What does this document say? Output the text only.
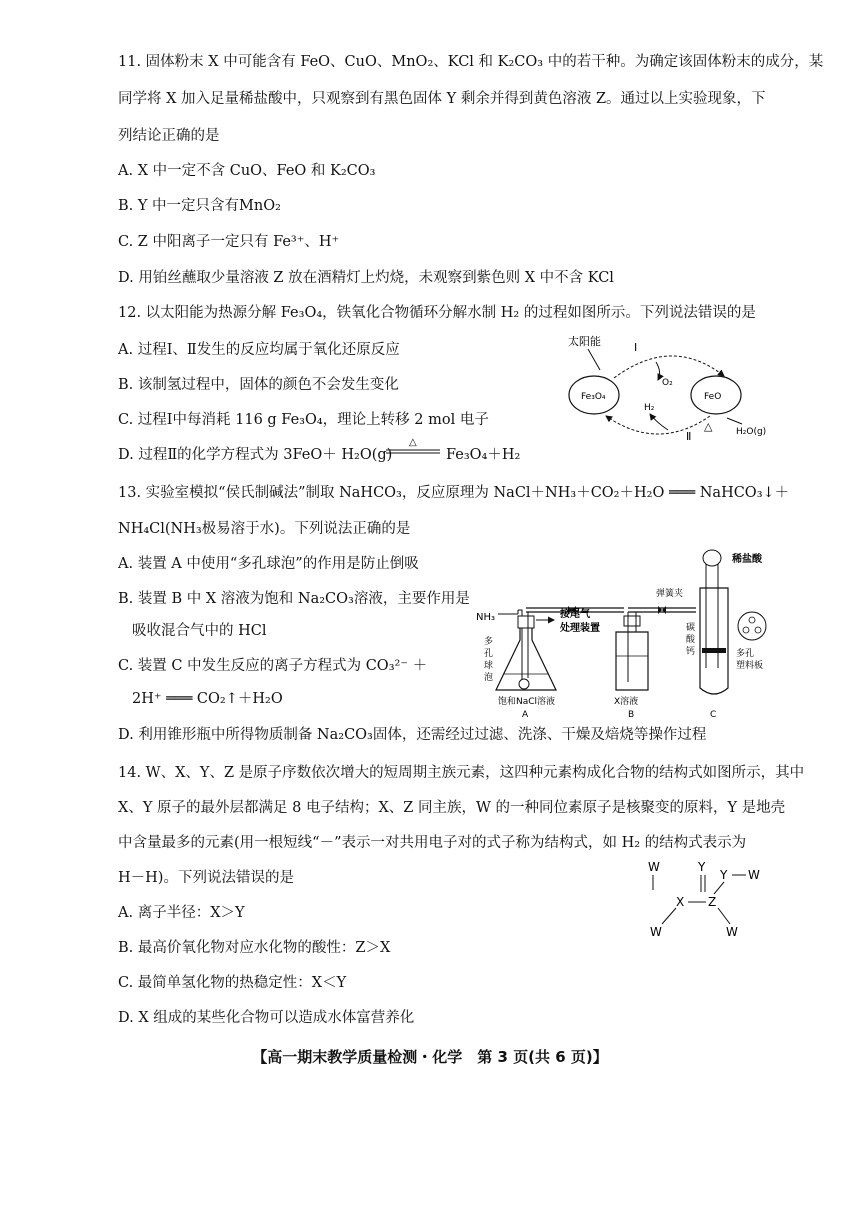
11. 固体粉末 X 中可能含有 FeO、CuO、MnO₂、KCl 和 K₂CO₃ 中的若干种。为确定该固体粉末的成分，某
同学将 X 加入足量稀盐酸中，只观察到有黑色固体 Y 剩余并得到黄色溶液 Z。通过以上实验现象，下
列结论正确的是
A. X 中一定不含 CuO、FeO 和 K₂CO₃
B. Y 中一定只含有MnO₂
C. Z 中阳离子一定只有 Fe³⁺、H⁺
D. 用铂丝蘸取少量溶液 Z 放在酒精灯上灼烧，未观察到紫色则 X 中不含 KCl
12. 以太阳能为热源分解 Fe₃O₄，铁氧化合物循环分解水制 H₂ 的过程如图所示。下列说法错误的是
A. 过程Ⅰ、Ⅱ发生的反应均属于氧化还原反应
B. 该制氢过程中，固体的颜色不会发生变化
C. 过程Ⅰ中每消耗 116 g Fe₃O₄，理论上转移 2 mol 电子
D. 过程Ⅱ的化学方程式为 3FeO＋ H₂O(g)
△
Fe₃O₄＋H₂
太阳能	Ⅰ
O₂
Fe₃O₄	FeO
H₂
Ⅱ
△	H₂O(g)
13. 实验室模拟“侯氏制碱法”制取 NaHCO₃，反应原理为 NaCl＋NH₃＋CO₂＋H₂O ═══ NaHCO₃↓＋
NH₄Cl(NH₃极易溶于水)。下列说法正确的是
A. 装置 A 中使用“多孔球泡”的作用是防止倒吸
B. 装置 B 中 X 溶液为饱和 Na₂CO₃溶液，主要作用是
吸收混合气中的 HCl
C. 装置 C 中发生反应的离子方程式为 CO₃²⁻ ＋
2H⁺ ═══ CO₂↑＋H₂O
D. 利用锥形瓶中所得物质制备 Na₂CO₃固体，还需经过过滤、洗涤、干燥及焙烧等操作过程
NH₃	接尾气
处理装置
多
孔
球
泡
饱和NaCl溶液
A
X溶液
B
弹簧夹
稀盐酸
碳
酸
钙	多孔
塑料板
C
14. W、X、Y、Z 是原子序数依次增大的短周期主族元素，这四种元素构成化合物的结构式如图所示，其中
X、Y 原子的最外层都满足 8 电子结构；X、Z 同主族，W 的一种同位素原子是核聚变的原料，Y 是地壳
中含量最多的元素(用一根短线“－”表示一对共用电子对的式子称为结构式，如 H₂ 的结构式表示为
H－H)。下列说法错误的是
A. 离子半径：X＞Y
B. 最高价氧化物对应水化物的酸性：Z＞X
C. 最简单氢化物的热稳定性：X＜Y
D. X 组成的某些化合物可以造成水体富营养化
W	Y
Y W
X Z
W	W
【高一期末教学质量检测・化学　第 3 页(共 6 页)】
